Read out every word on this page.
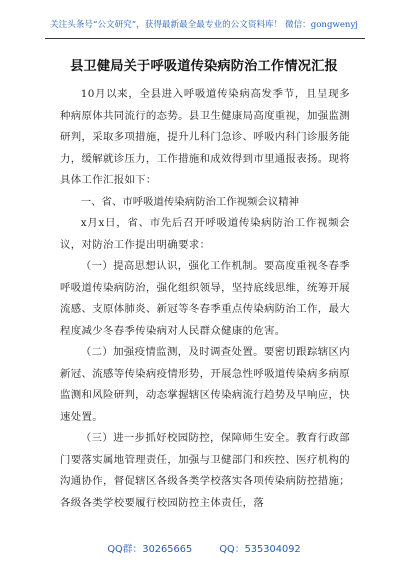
关注头条号“公文研究”，获得最新最全最专业的公文资料库！ 微信：gongwenyj
县卫健局关于呼吸道传染病防治工作情况汇报

10月以来，全县进入呼吸道传染病高发季节，且呈现多种病原体共同流行的态势。县卫生健康局高度重视，加强监测研判，采取多项措施，提升儿科门急诊、呼吸内科门诊服务能力，缓解就诊压力，工作措施和成效得到市里通报表扬。现将具体工作汇报如下：

一、省、市呼吸道传染病防治工作视频会议精神

x月x日，省、市先后召开呼吸道传染病防治工作视频会议，对防治工作提出明确要求：

（一）提高思想认识，强化工作机制。要高度重视冬春季呼吸道传染病防治，强化组织领导，坚持底线思维，统筹开展流感、支原体肺炎、新冠等冬春季重点传染病防治工作，最大程度减少冬春季传染病对人民群众健康的危害。

（二）加强疫情监测，及时调查处置。要密切跟踪辖区内新冠、流感等传染病疫情形势，开展急性呼吸道传染病多病原监测和风险研判，动态掌握辖区传染病流行趋势及早响应，快速处置。

（三）进一步抓好校园防控，保障师生安全。教育行政部门要落实属地管理责任，加强与卫健部门和疾控、医疗机构的沟通协作，督促辖区各级各类学校落实各项传染病防控措施；各级各类学校要履行校园防控主体责任，落

QQ群：30265665	QQ：535304092
